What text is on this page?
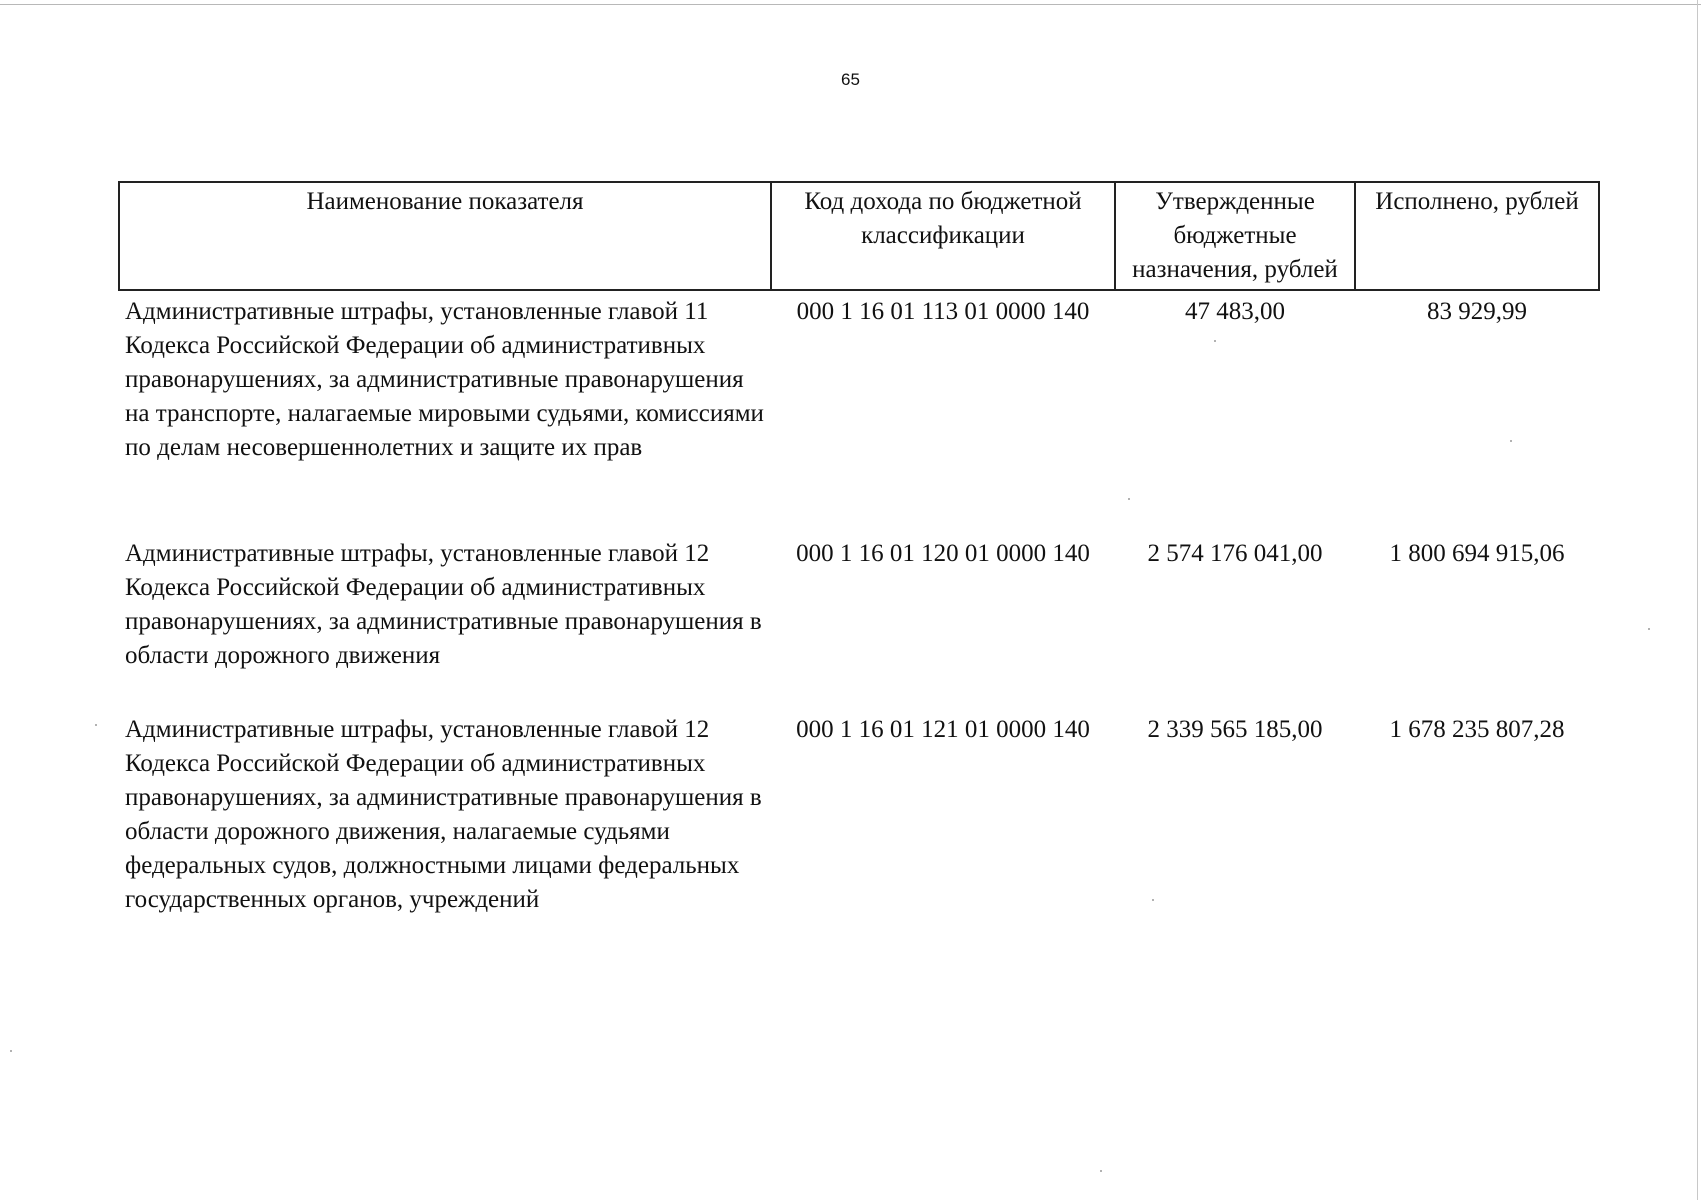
65
Наименование показателя	Код дохода по бюджетной классификации	Утвержденные бюджетные назначения, рублей	Исполнено, рублей
Административные штрафы, установленные главой 11 Кодекса Российской Федерации об административных правонарушениях, за административные правонарушения на транспорте, налагаемые мировыми судьями, комиссиями по делам несовершеннолетних и защите их прав	000 1 16 01 113 01 0000 140	47 483,00	83 929,99
Административные штрафы, установленные главой 12 Кодекса Российской Федерации об административных правонарушениях, за административные правонарушения в области дорожного движения	000 1 16 01 120 01 0000 140	2 574 176 041,00	1 800 694 915,06
Административные штрафы, установленные главой 12 Кодекса Российской Федерации об административных правонарушениях, за административные правонарушения в области дорожного движения, налагаемые судьями федеральных судов, должностными лицами федеральных государственных органов, учреждений	000 1 16 01 121 01 0000 140	2 339 565 185,00	1 678 235 807,28
